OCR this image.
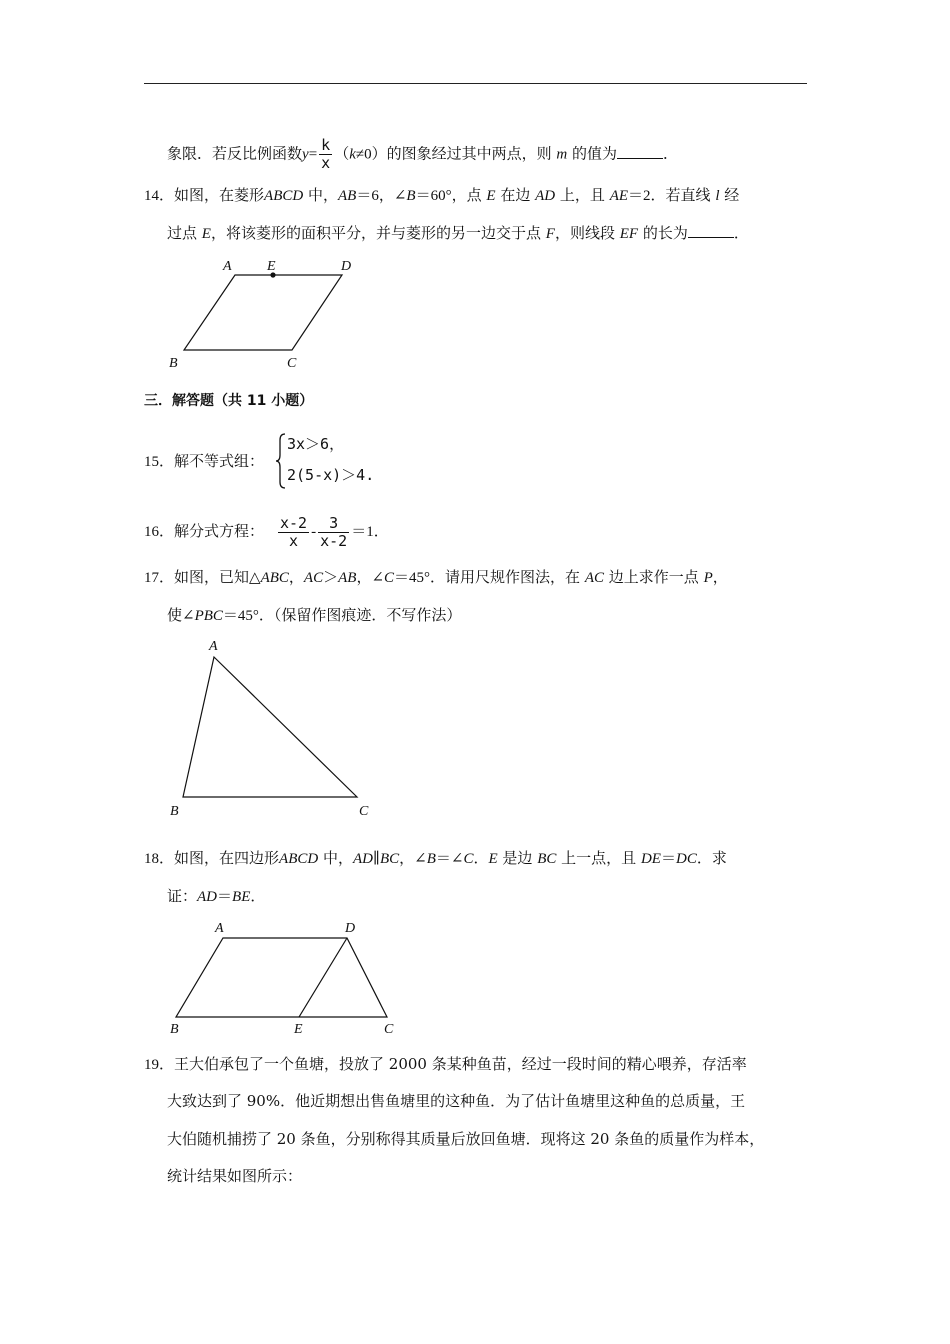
象限．若反比例函数$y= \frac{k}{x} (k\ne 0)$的图象经过其中两点，则 m 的值为	．
14．如图，在菱形ABCD 中，AB＝6，∠B＝60°，点 E 在边 AD 上，且 AE＝2．若直线 l 经
过点 E，将该菱形的面积平分，并与菱形的另一边交于点 F，则线段 EF 的长为	．
A	E	D
B	C
三．解答题（共 11 小题）
15．解不等式组：
3x＞6，
2(5-x)＞4.
16．解分式方程： $\frac{x-2}{x} - \frac{3}{x-2} =1$．
17．如图，已知△ABC，AC＞AB，∠C＝45°．请用尺规作图法，在 AC 边上求作一点 P，
使∠PBC＝45°．（保留作图痕迹．不写作法）
A
B	C
18．如图，在四边形ABCD 中，AD∥BC，∠B＝∠C．E 是边 BC 上一点，且 DE＝DC．求
证：AD＝BE．
A	D
B	E	C
19．王大伯承包了一个鱼塘，投放了 2000 条某种鱼苗，经过一段时间的精心喂养，存活率
大致达到了 90%．他近期想出售鱼塘里的这种鱼．为了估计鱼塘里这种鱼的总质量，王
大伯随机捕捞了 20 条鱼，分别称得其质量后放回鱼塘．现将这 20 条鱼的质量作为样本，
统计结果如图所示：
